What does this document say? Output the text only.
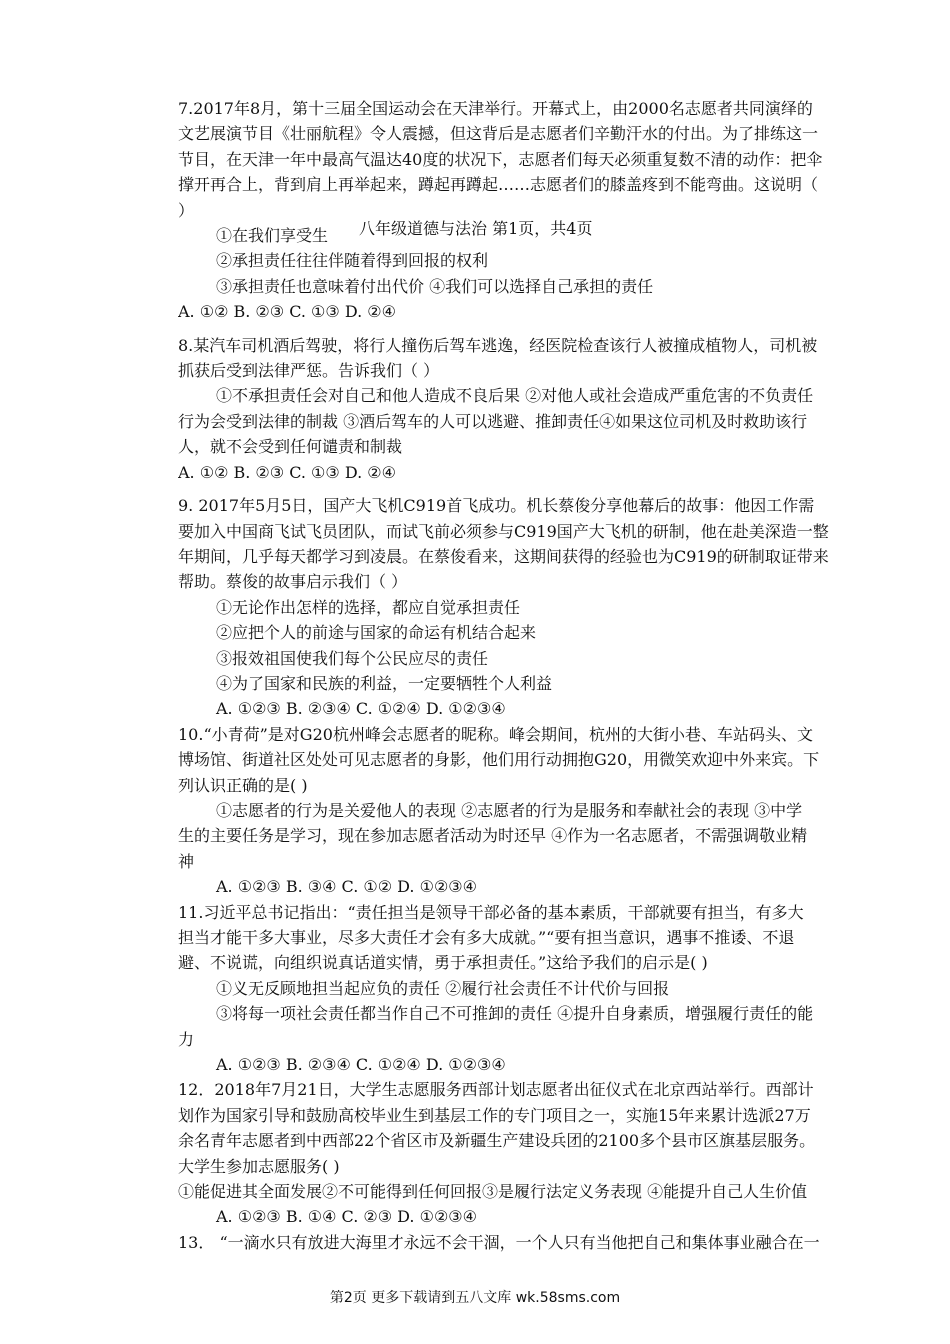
7.2017年8月，第十三届全国运动会在天津举行。开幕式上，由2000名志愿者共同演绎的
文艺展演节目《壮丽航程》令人震撼，但这背后是志愿者们辛勤汗水的付出。为了排练这一
节目，在天津一年中最高气温达40度的状况下，志愿者们每天必须重复数不清的动作：把伞
撑开再合上，背到肩上再举起来，蹲起再蹲起……志愿者们的膝盖疼到不能弯曲。这说明（
）
①在我们享受生
②承担责任往往伴随着得到回报的权利
③承担责任也意味着付出代价 ④我们可以选择自己承担的责任
A. ①② B. ②③ C. ①③ D. ②④
8.某汽车司机酒后驾驶，将行人撞伤后驾车逃逸，经医院检查该行人被撞成植物人，司机被
抓获后受到法律严惩。告诉我们（ ）
①不承担责任会对自己和他人造成不良后果 ②对他人或社会造成严重危害的不负责任
行为会受到法律的制裁 ③酒后驾车的人可以逃避、推卸责任④如果这位司机及时救助该行
人，就不会受到任何谴责和制裁
A. ①② B. ②③ C. ①③ D. ②④
9. 2017年5月5日，国产大飞机C919首飞成功。机长蔡俊分享他幕后的故事：他因工作需
要加入中国商飞试飞员团队，而试飞前必须参与C919国产大飞机的研制，他在赴美深造一整
年期间，几乎每天都学习到凌晨。在蔡俊看来，这期间获得的经验也为C919的研制取证带来
帮助。蔡俊的故事启示我们（ ）
①无论作出怎样的选择，都应自觉承担责任
②应把个人的前途与国家的命运有机结合起来
③报效祖国使我们每个公民应尽的责任
④为了国家和民族的利益，一定要牺牲个人利益
A. ①②③ B. ②③④ C. ①②④ D. ①②③④
10.“小青荷”是对G20杭州峰会志愿者的昵称。峰会期间，杭州的大街小巷、车站码头、文
博场馆、街道社区处处可见志愿者的身影，他们用行动拥抱G20，用微笑欢迎中外来宾。下
列认识正确的是( )
①志愿者的行为是关爱他人的表现 ②志愿者的行为是服务和奉献社会的表现 ③中学
生的主要任务是学习，现在参加志愿者活动为时还早 ④作为一名志愿者，不需强调敬业精
神
A. ①②③ B. ③④ C. ①② D. ①②③④
11.习近平总书记指出：“责任担当是领导干部必备的基本素质，干部就要有担当，有多大
担当才能干多大事业，尽多大责任才会有多大成就。”“要有担当意识，遇事不推诿、不退
避、不说谎，向组织说真话道实情，勇于承担责任。”这给予我们的启示是( )
①义无反顾地担当起应负的责任 ②履行社会责任不计代价与回报
③将每一项社会责任都当作自己不可推卸的责任 ④提升自身素质，增强履行责任的能
力
A. ①②③ B. ②③④ C. ①②④ D. ①②③④
12．2018年7月21日，大学生志愿服务西部计划志愿者出征仪式在北京西站举行。西部计
划作为国家引导和鼓励高校毕业生到基层工作的专门项目之一，实施15年来累计选派27万
余名青年志愿者到中西部22个省区市及新疆生产建设兵团的2100多个县市区旗基层服务。
大学生参加志愿服务( )
①能促进其全面发展②不可能得到任何回报③是履行法定义务表现 ④能提升自己人生价值
A. ①②③ B. ①④ C. ②③ D. ①②③④
13． “一滴水只有放进大海里才永远不会干涸，一个人只有当他把自己和集体事业融合在一
八年级道德与法治 第1页，共4页
第2页 更多下载请到五八文库 wk.58sms.com
